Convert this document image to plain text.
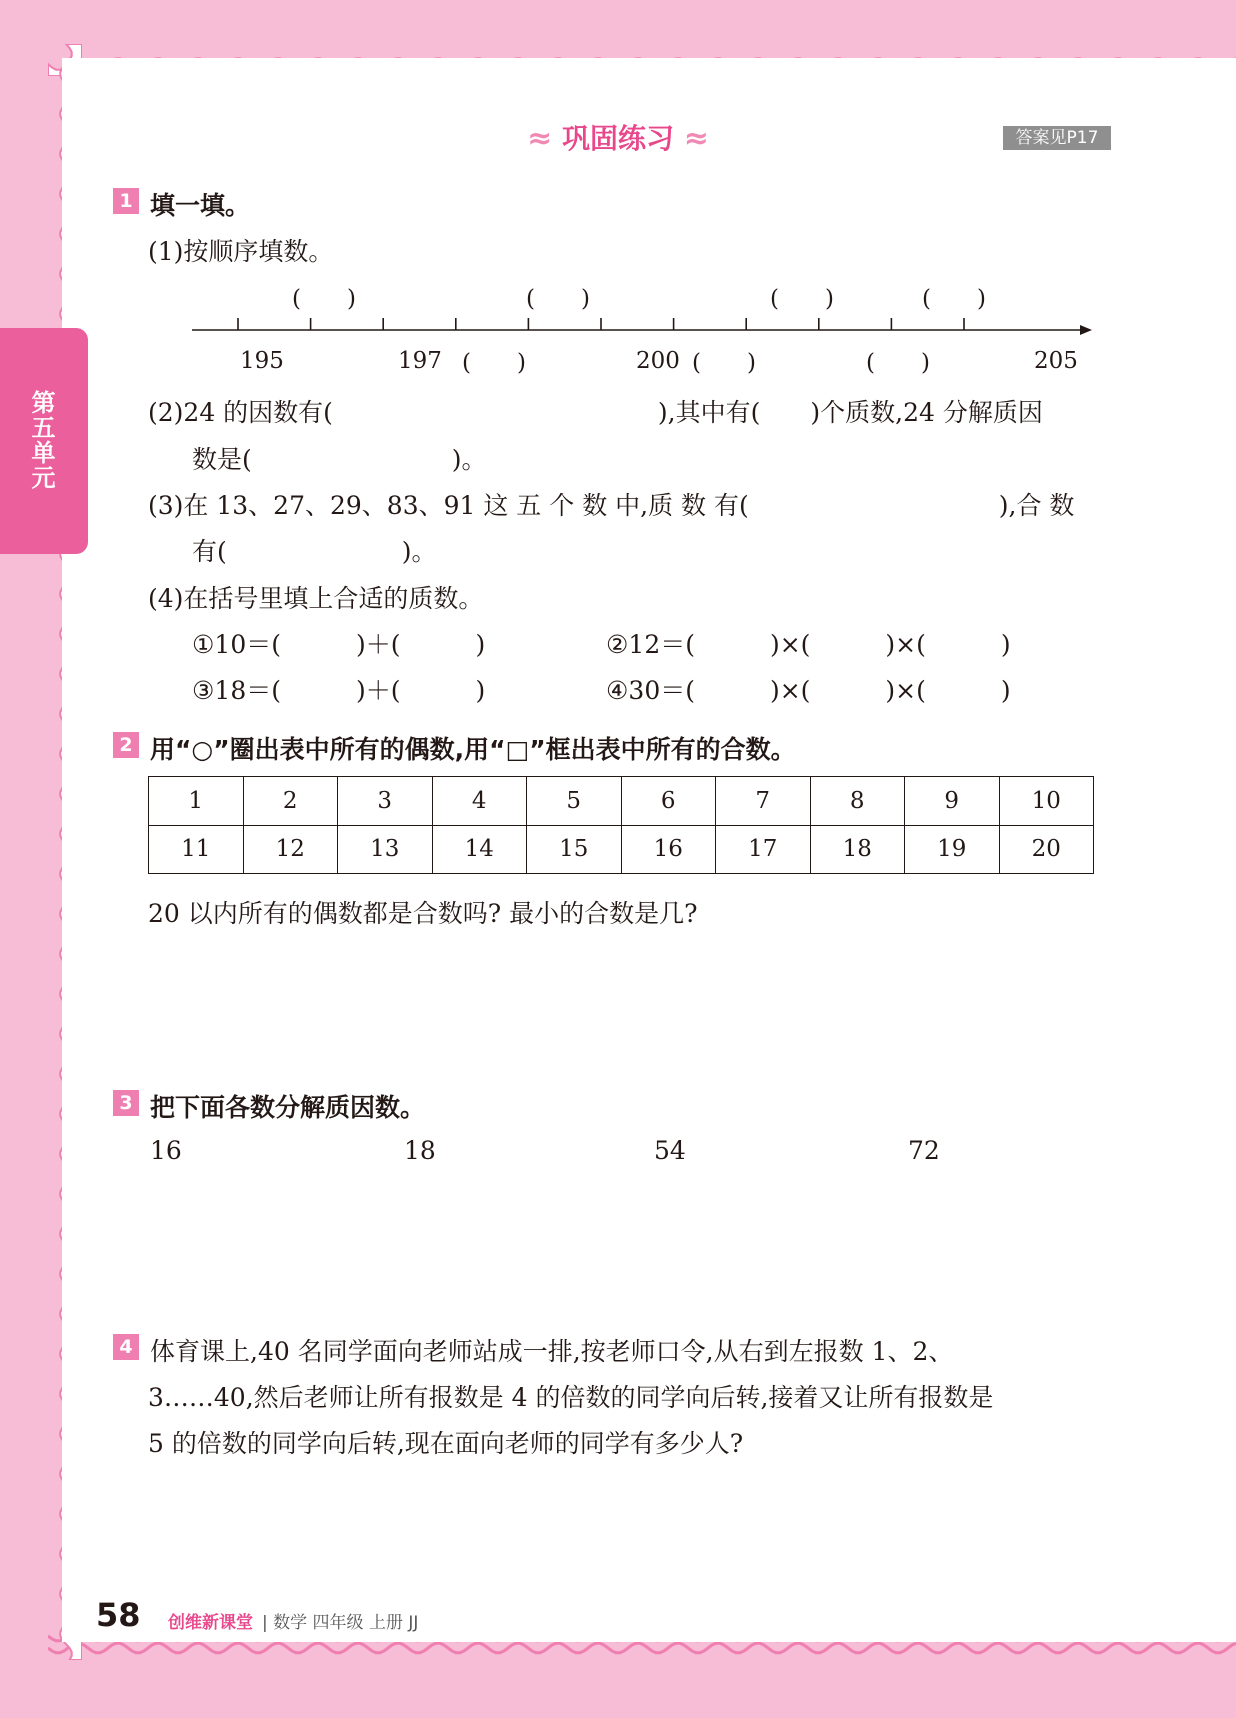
第五单元
≈ 巩固练习 ≈	答案见P17
1 填一填。
(1)按顺序填数。
(　　)	(　　)	(　　)	(　　)
195	197 (　　)	200 (　　)	(　　)	205
(2)24 的因数有(　　　　　　　　　　　　　),其中有(　　)个质数,24 分解质因
数是(　　　　　　　　)。
(3)在 13、27、29、83、91 这 五 个 数 中,质 数 有(　　　　　　　　　　),合 数
有(　　　　　　　)。
(4)在括号里填上合适的质数。
①10＝(　　　)＋(　　　)	②12＝(　　　)×(　　　)×(　　　)
③18＝(　　　)＋(　　　)	④30＝(　　　)×(　　　)×(　　　)
2 用“○”圈出表中所有的偶数,用“□”框出表中所有的合数。
1	2	3	4	5	6	7	8	9	10
11	12	13	14	15	16	17	18	19	20
20 以内所有的偶数都是合数吗? 最小的合数是几?
3 把下面各数分解质因数。
16	18	54	72
4 体育课上,40 名同学面向老师站成一排,按老师口令,从右到左报数 1、2、
3……40,然后老师让所有报数是 4 的倍数的同学向后转,接着又让所有报数是
5 的倍数的同学向后转,现在面向老师的同学有多少人?
58 创维新课堂 | 数学 四年级 上册 JJ
